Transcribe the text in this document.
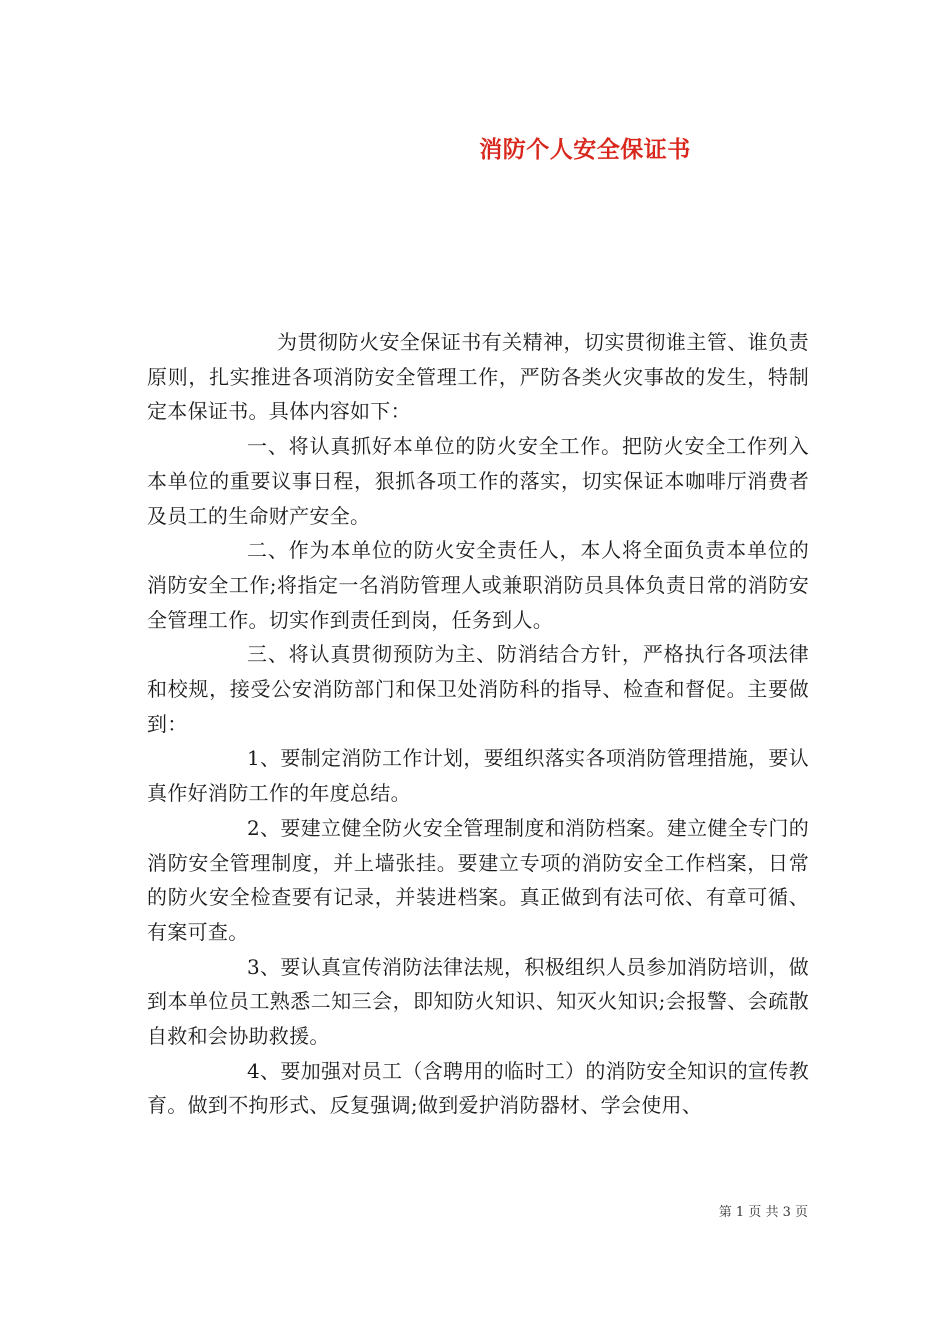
消防个人安全保证书

为贯彻防火安全保证书有关精神，切实贯彻谁主管、谁负责原则，扎实推进各项消防安全管理工作，严防各类火灾事故的发生，特制定本保证书。具体内容如下：

一、将认真抓好本单位的防火安全工作。把防火安全工作列入本单位的重要议事日程，狠抓各项工作的落实，切实保证本咖啡厅消费者及员工的生命财产安全。

二、作为本单位的防火安全责任人，本人将全面负责本单位的消防安全工作;将指定一名消防管理人或兼职消防员具体负责日常的消防安全管理工作。切实作到责任到岗，任务到人。

三、将认真贯彻预防为主、防消结合方针，严格执行各项法律和校规，接受公安消防部门和保卫处消防科的指导、检查和督促。主要做到：

1、要制定消防工作计划，要组织落实各项消防管理措施，要认真作好消防工作的年度总结。

2、要建立健全防火安全管理制度和消防档案。建立健全专门的消防安全管理制度，并上墙张挂。要建立专项的消防安全工作档案，日常的防火安全检查要有记录，并装进档案。真正做到有法可依、有章可循、有案可查。

3、要认真宣传消防法律法规，积极组织人员参加消防培训，做到本单位员工熟悉二知三会，即知防火知识、知灭火知识;会报警、会疏散自救和会协助救援。

4、要加强对员工（含聘用的临时工）的消防安全知识的宣传教育。做到不拘形式、反复强调;做到爱护消防器材、学会使用、

第 1 页 共 3 页
